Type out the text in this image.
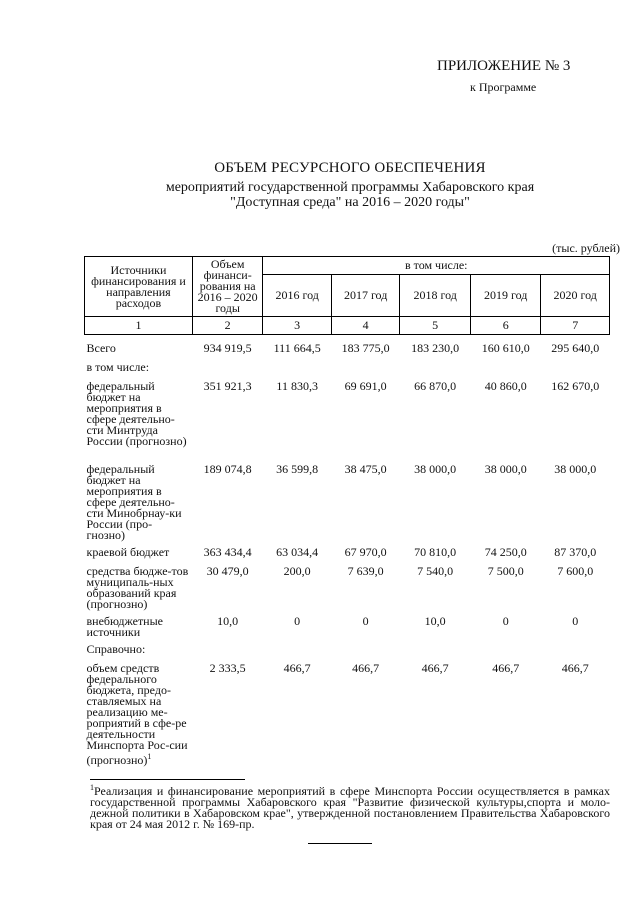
ПРИЛОЖЕНИЕ № 3
к Программе
ОБЪЕМ РЕСУРСНОГО ОБЕСПЕЧЕНИЯ
мероприятий государственной программы Хабаровского края
"Доступная среда" на 2016 – 2020 годы"
(тыс. рублей)
Источники финансирования и направления расходов	Объем финанси-рования на 2016 – 2020 годы	в том числе:				
		2016 год	2017 год	2018 год	2019 год	2020 год
1	2	3	4	5	6	7
Всего	934 919,5	111 664,5	183 775,0	183 230,0	160 610,0	295 640,0
в том числе:						
федеральный бюджет на мероприятия в сфере деятельно-сти Минтруда России (прогнозно)	351 921,3	11 830,3	69 691,0	66 870,0	40 860,0	162 670,0
федеральный бюджет на мероприятия в сфере деятельно-сти Минобрнау-ки России (про-гнозно)	189 074,8	36 599,8	38 475,0	38 000,0	38 000,0	38 000,0
краевой бюджет	363 434,4	63 034,4	67 970,0	70 810,0	74 250,0	87 370,0
средства бюдже-тов муниципаль-ных образований края (прогнозно)	30 479,0	200,0	7 639,0	7 540,0	7 500,0	7 600,0
внебюджетные источники	10,0	0	0	10,0	0	0
Справочно:						
объем средств федерального бюджета, предо-ставляемых на реализацию ме-роприятий в сфе-ре деятельности Минспорта Рос-сии (прогнозно)$^1$	2 333,5	466,7	466,7	466,7	466,7	466,7
$^1$Реализация и финансирование мероприятий в сфере Минспорта России осуществляется в рамках государственной программы Хабаровского края "Развитие физической культуры,спорта и моло-дежной политики в Хабаровском крае", утвержденной постановлением Правительства Хабаровского края от 24 мая 2012 г. № 169-пр.
